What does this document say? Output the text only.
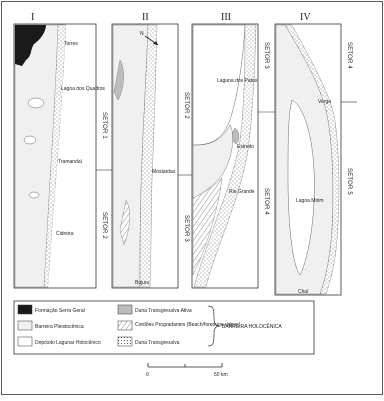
I
Torres
Lagoa dos Quadros
Tramandaí
Cidreira
SETOR 1
SETOR 2
II
N
Mostardas
Bujuru
SETOR 2
SETOR 3
III
Laguna dos Patos
Estreito
Rio Grande
SETOR 3
SETOR 4
IV
Verga
Lagoa Mirim
Chuí
SETOR 4
SETOR 5
Formação Serra Geral
Barreira Pleistocênica
Depósito Lagunar Holocênico
Duna Transgressiva Ativa
Cordões Progradantes (Beach/foredune ridges)
Duna Transgressiva
BARREIRA HOLOCÊNICA
0	50 km
